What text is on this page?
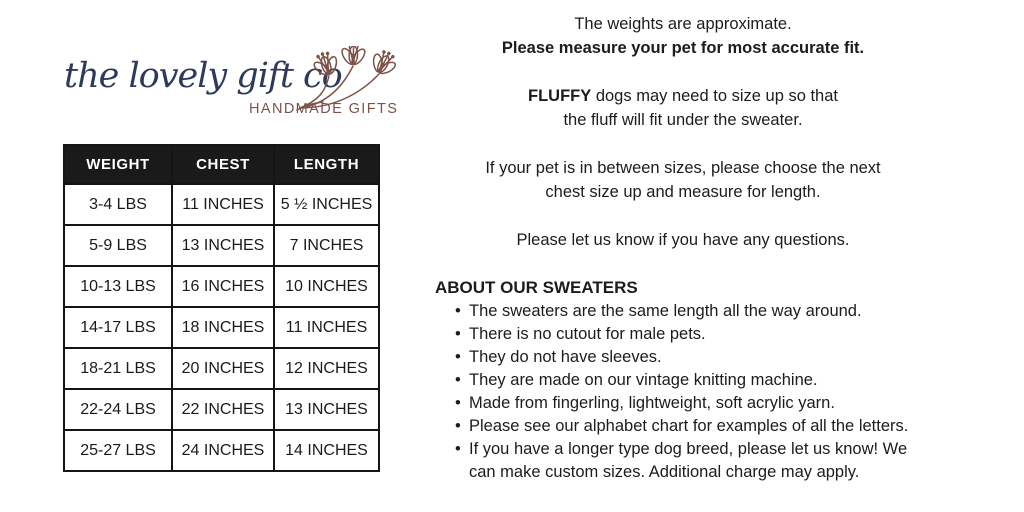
the lovely gift co
HANDMADE GIFTS
WEIGHT	CHEST	LENGTH
3-4 LBS	11 INCHES	5 ½ INCHES
5-9 LBS	13 INCHES	7 INCHES
10-13 LBS	16 INCHES	10 INCHES
14-17 LBS	18 INCHES	11 INCHES
18-21 LBS	20 INCHES	12 INCHES
22-24 LBS	22 INCHES	13 INCHES
25-27 LBS	24 INCHES	14 INCHES

The weights are approximate.
Please measure your pet for most accurate fit.

FLUFFY dogs may need to size up so that
the fluff will fit under the sweater.

If your pet is in between sizes, please choose the next
chest size up and measure for length.

Please let us know if you have any questions.

ABOUT OUR SWEATERS

• The sweaters are the same length all the way around.
• There is no cutout for male pets.
• They do not have sleeves.
• They are made on our vintage knitting machine.
• Made from fingerling, lightweight, soft acrylic yarn.
• Please see our alphabet chart for examples of all the letters.
• If you have a longer type dog breed, please let us know! We can make custom sizes. Additional charge may apply.
